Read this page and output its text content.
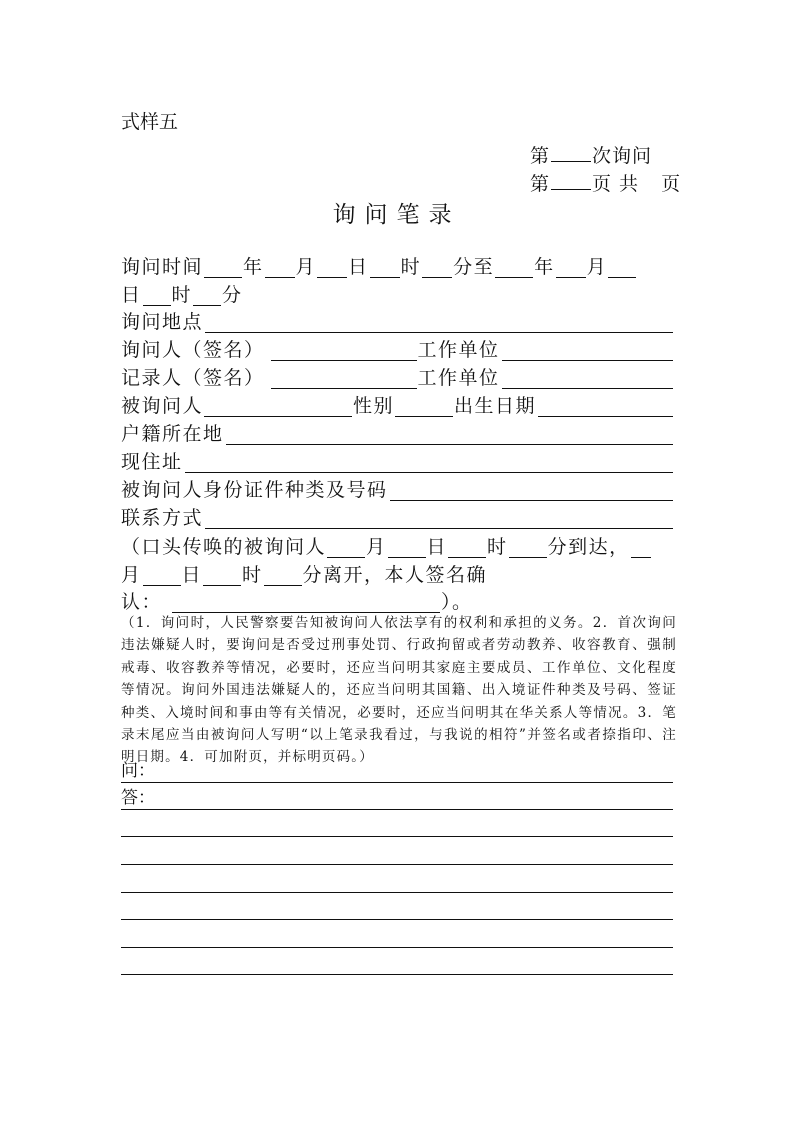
式样五
第 次询问
第 页 共 页
询问笔录
询问时间 年 月 日 时 分至 年 月
日 时 分
询问地点
询问人（签名）	工作单位
记录人（签名）	工作单位
被询问人	性别	出生日期
户籍所在地
现住址
被询问人身份证件种类及号码
联系方式
（口头传唤的被询问人 月 日 时 分到达，
月 日 时 分离开，本人签名确
认：	）。
（1．询问时，人民警察要告知被询问人依法享有的权利和承担的义务。2．首次询问违法嫌疑人时，要询问是否受过刑事处罚、行政拘留或者劳动教养、收容教育、强制戒毒、收容教养等情况，必要时，还应当问明其家庭主要成员、工作单位、文化程度等情况。询问外国违法嫌疑人的，还应当问明其国籍、出入境证件种类及号码、签证种类、入境时间和事由等有关情况，必要时，还应当问明其在华关系人等情况。3．笔录末尾应当由被询问人写明“以上笔录我看过，与我说的相符”并签名或者捺指印、注明日期。4．可加附页，并标明页码。）
问：
答：
